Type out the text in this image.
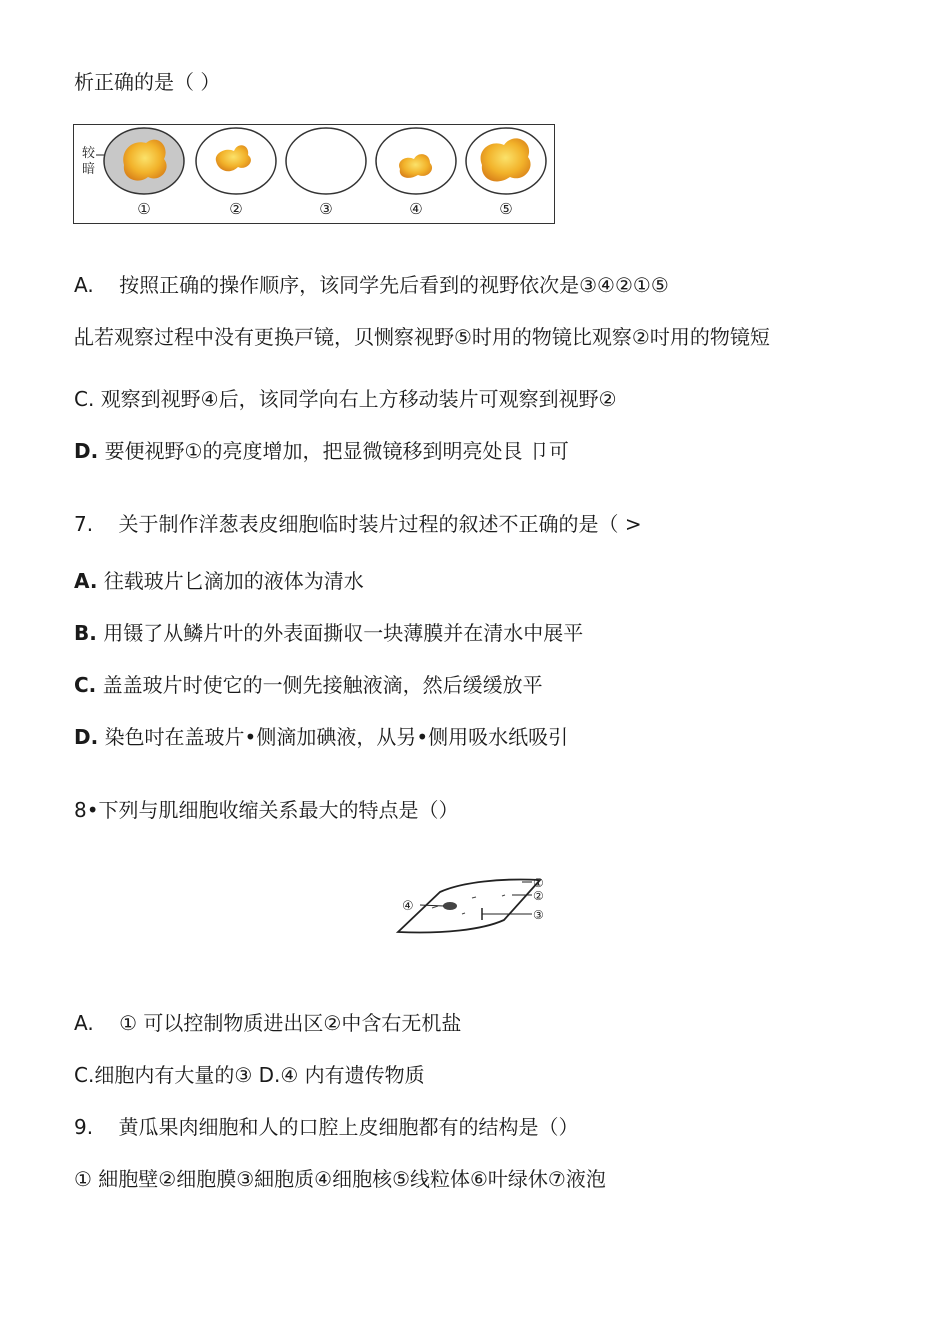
析正确的是（ ）
较
暗
①	②	③	④	⑤
A. 按照正确的操作顺序，该同学先后看到的视野依次是③④②①⑤
乩若观察过程中没有更换戸镜，贝恻察视野⑤时用的物镜比观察②吋用的物镜短
C. 观察到视野④后，该同学向右上方移动装片可观察到视野②
D. 要便视野①的亮度增加，把显微镜移到明亮处艮 卩可
7. 关于制作洋葱表皮细胞临时装片过程的叙述不正确的是（ >
A. 往载玻片匕滴加的液体为清水
B. 用镊了从鳞片叶的外表面撕収一块薄膜并在清水中展平
C. 盖盖玻片时使它的一侧先接触液滴，然后缓缓放平
D. 染色吋在盖玻片•侧滴加碘液，从另•侧用吸水纸吸引
8•下列与肌细胞收缩关系最大的特点是（）
④
①
②
③
A. ① 可以控制物质进出区②中含右无机盐
C.细胞内有大量的③ D.④ 内有遗传物质
9. 黄瓜果肉细胞和人的口腔上皮细胞都有的结构是（）
① 細胞壁②细胞膜③細胞质④细胞核⑤线粒体⑥叶绿休⑦液泡
